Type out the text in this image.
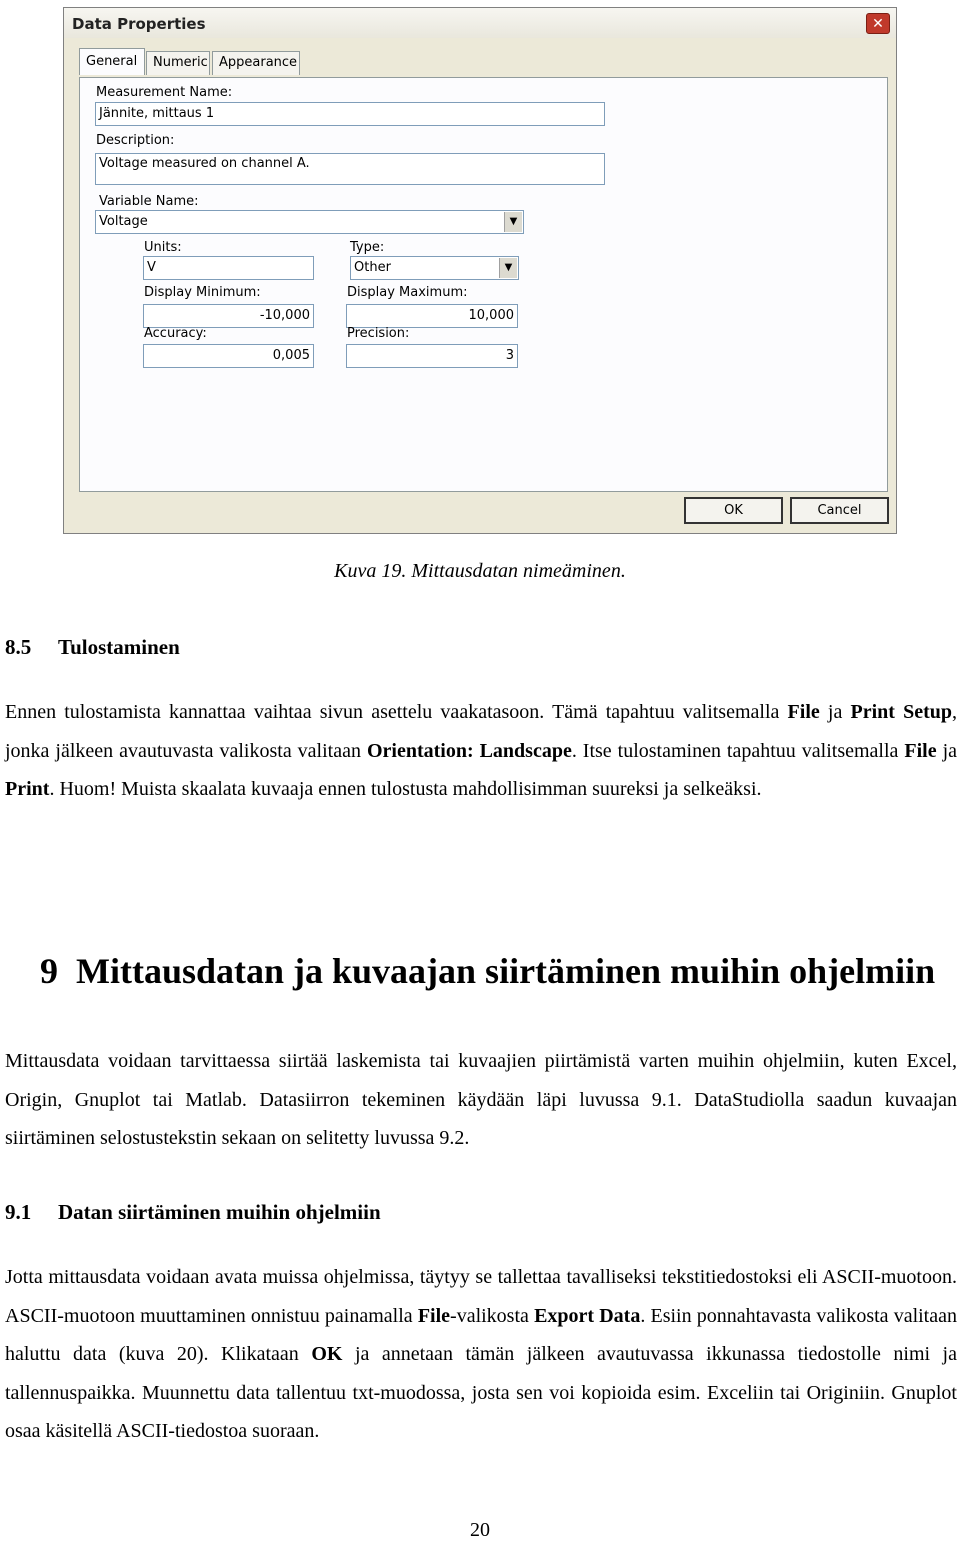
Data Properties	✕
General	Numeric Appearance
Measurement Name:
Jännite, mittaus 1
Description:
Voltage measured on channel A.
Variable Name:
Voltage	▼
Units:
V
Type:
Other	▼
Display Minimum:
-10,000
Display Maximum:
10,000
Accuracy:
0,005
Precision:
3
OK	Cancel
Kuva 19. Mittausdatan nimeäminen.
8.5 Tulostaminen

Ennen tulostamista kannattaa vaihtaa sivun asettelu vaakatasoon. Tämä tapahtuu valitsemalla File ja Print Setup, jonka jälkeen avautuvasta valikosta valitaan Orientation: Landscape. Itse tulostaminen tapahtuu valitsemalla File ja Print. Huom! Muista skaalata kuvaaja ennen tulostusta mahdollisimman suureksi ja selkeäksi.

9 Mittausdatan ja kuvaajan siirtäminen muihin ohjelmiin

Mittausdata voidaan tarvittaessa siirtää laskemista tai kuvaajien piirtämistä varten muihin ohjelmiin, kuten Excel, Origin, Gnuplot tai Matlab. Datasiirron tekeminen käydään läpi luvussa 9.1. DataStudiolla saadun kuvaajan siirtäminen selostustekstin sekaan on selitetty luvussa 9.2.

9.1 Datan siirtäminen muihin ohjelmiin

Jotta mittausdata voidaan avata muissa ohjelmissa, täytyy se tallettaa tavalliseksi tekstitiedostoksi eli ASCII-muotoon. ASCII-muotoon muuttaminen onnistuu painamalla File-valikosta Export Data. Esiin ponnahtavasta valikosta valitaan haluttu data (kuva 20). Klikataan OK ja annetaan tämän jälkeen avautuvassa ikkunassa tiedostolle nimi ja tallennuspaikka. Muunnettu data tallentuu txt-muodossa, josta sen voi kopioida esim. Exceliin tai Originiin. Gnuplot osaa käsitellä ASCII-tiedostoa suoraan.

20
